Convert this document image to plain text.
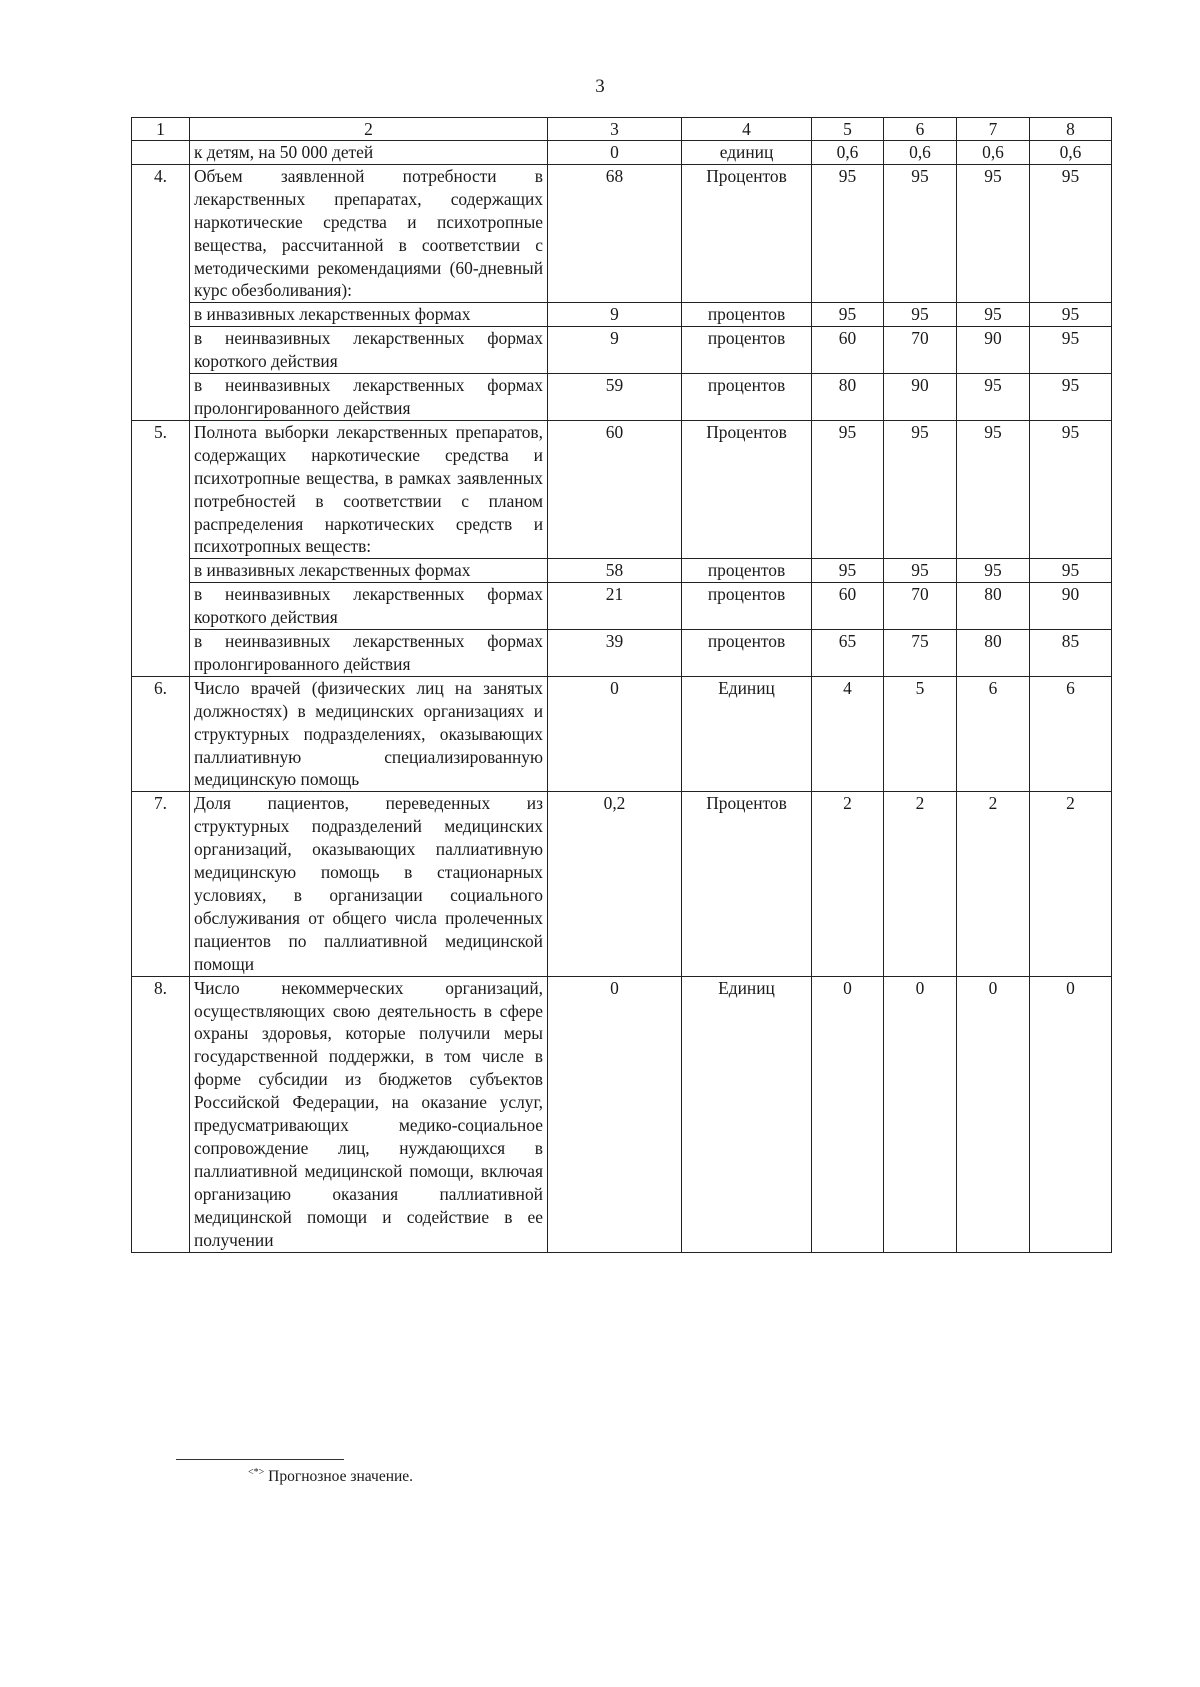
3
1	2	3	4	5	6	7	8
	к детям, на 50 000 детей	0	единиц	0,6	0,6	0,6	0,6
4.	Объем заявленной потребности в лекарственных препаратах, содержащих наркотические средства и психотропные вещества, рассчитанной в соответствии с методическими рекомендациями (60-дневный курс обезболивания):	68	Процентов	95	95	95	95
	в инвазивных лекарственных формах	9	процентов	95	95	95	95
	в неинвазивных лекарственных формах короткого действия	9	процентов	60	70	90	95
	в неинвазивных лекарственных формах пролонгированного действия	59	процентов	80	90	95	95
5.	Полнота выборки лекарственных препаратов, содержащих наркотические средства и психотропные вещества, в рамках заявленных потребностей в соответствии с планом распределения наркотических средств и психотропных веществ:	60	Процентов	95	95	95	95
	в инвазивных лекарственных формах	58	процентов	95	95	95	95
	в неинвазивных лекарственных формах короткого действия	21	процентов	60	70	80	90
	в неинвазивных лекарственных формах пролонгированного действия	39	процентов	65	75	80	85
6.	Число врачей (физических лиц на занятых должностях) в медицинских организациях и структурных подразделениях, оказывающих паллиативную специализированную медицинскую помощь	0	Единиц	4	5	6	6
7.	Доля пациентов, переведенных из структурных подразделений медицинских организаций, оказывающих паллиативную медицинскую помощь в стационарных условиях, в организации социального обслуживания от общего числа пролеченных пациентов по паллиативной медицинской помощи	0,2	Процентов	2	2	2	2
8.	Число некоммерческих организаций, осуществляющих свою деятельность в сфере охраны здоровья, которые получили меры государственной поддержки, в том числе в форме субсидии из бюджетов субъектов Российской Федерации, на оказание услуг, предусматривающих медико-социальное сопровождение лиц, нуждающихся в паллиативной медицинской помощи, включая организацию оказания паллиативной медицинской помощи и содействие в ее получении	0	Единиц	0	0	0	0
<*> Прогнозное значение.
